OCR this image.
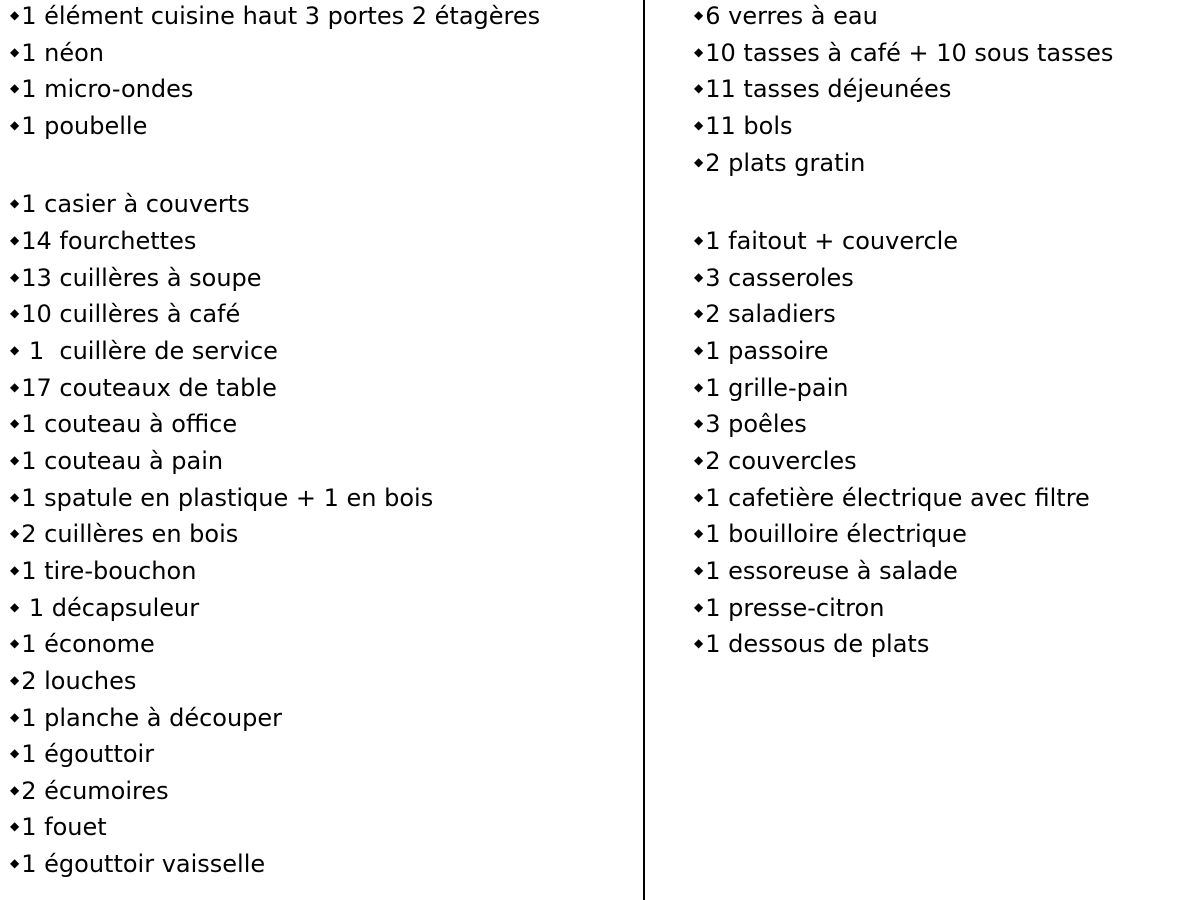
◆1 élément cuisine haut 3 portes 2 étagères
◆1 néon
◆1 micro-ondes
◆1 poubelle
◆1 casier à couverts
◆14 fourchettes
◆13 cuillères à soupe
◆10 cuillères à café
◆ 1  cuillère de service
◆17 couteaux de table
◆1 couteau à office
◆1 couteau à pain
◆1 spatule en plastique + 1 en bois
◆2 cuillères en bois
◆1 tire-bouchon
◆ 1 décapsuleur
◆1 économe
◆2 louches
◆1 planche à découper
◆1 égouttoir
◆2 écumoires
◆1 fouet
◆1 égouttoir vaisselle
◆6 verres à eau
◆10 tasses à café + 10 sous tasses
◆11 tasses déjeunées
◆11 bols
◆2 plats gratin
◆1 faitout + couvercle
◆3 casseroles
◆2 saladiers
◆1 passoire
◆1 grille-pain
◆3 poêles
◆2 couvercles
◆1 cafetière électrique avec filtre
◆1 bouilloire électrique
◆1 essoreuse à salade
◆1 presse-citron
◆1 dessous de plats
